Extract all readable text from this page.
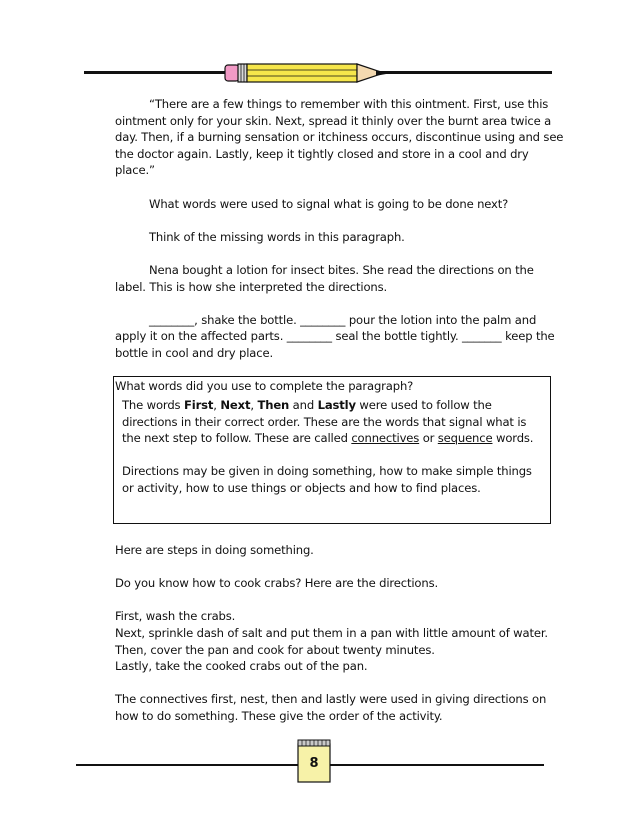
“There are a few things to remember with this ointment. First, use this ointment only for your skin. Next, spread it thinly over the burnt area twice a day. Then, if a burning sensation or itchiness occurs, discontinue using and see the doctor again. Lastly, keep it tightly closed and store in a cool and dry place.”

What words were used to signal what is going to be done next?

Think of the missing words in this paragraph.

Nena bought a lotion for insect bites. She read the directions on the label. This is how she interpreted the directions.

________, shake the bottle. ________ pour the lotion into the palm and apply it on the affected parts. ________ seal the bottle tightly. _______ keep the bottle in cool and dry place.

What words did you use to complete the paragraph?

The words First, Next, Then and Lastly were used to follow the directions in their correct order. These are the words that signal what is the next step to follow. These are called connectives or sequence words.

Directions may be given in doing something, how to make simple things or activity, how to use things or objects and how to find places.

Here are steps in doing something.

Do you know how to cook crabs? Here are the directions.

First, wash the crabs.

Next, sprinkle dash of salt and put them in a pan with little amount of water.

Then, cover the pan and cook for about twenty minutes.

Lastly, take the cooked crabs out of the pan.

The connectives first, nest, then and lastly were used in giving directions on how to do something. These give the order of the activity.

8
